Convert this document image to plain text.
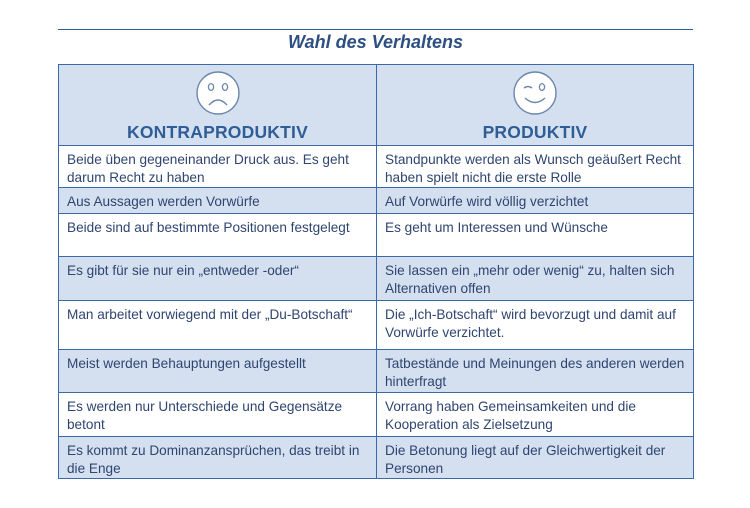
Wahl des Verhaltens
KONTRAPRODUKTIV	PRODUKTIV

Beide üben gegeneinander Druck aus. Es geht darum Recht zu haben	Standpunkte werden als Wunsch geäußert Recht haben spielt nicht die erste Rolle
Aus Aussagen werden Vorwürfe	Auf Vorwürfe wird völlig verzichtet
Beide sind auf bestimmte Positionen festgelegt	Es geht um Interessen und Wünsche
Es gibt für sie nur ein „entweder -oder“	Sie lassen ein „mehr oder wenig“ zu, halten sich Alternativen offen
Man arbeitet vorwiegend mit der „Du-Botschaft“	Die „Ich-Botschaft“ wird bevorzugt und damit auf Vorwürfe verzichtet.
Meist werden Behauptungen aufgestellt	Tatbestände und Meinungen des anderen werden hinterfragt
Es werden nur Unterschiede und Gegensätze betont	Vorrang haben Gemeinsamkeiten und die Kooperation als Zielsetzung
Es kommt zu Dominanzansprüchen, das treibt in die Enge	Die Betonung liegt auf der Gleichwertigkeit der Personen
